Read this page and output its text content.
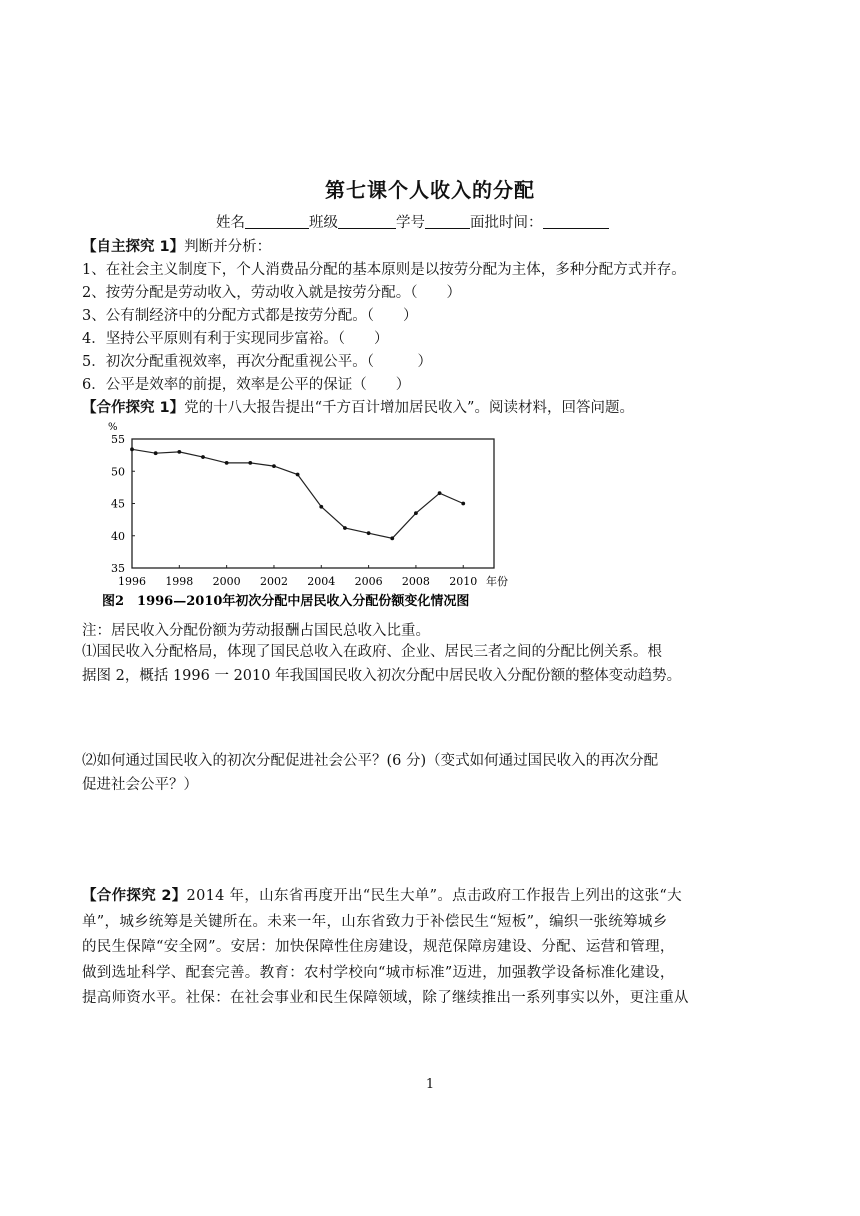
第七课个人收入的分配
姓名	班级	学号	面批时间：
【自主探究 1】判断并分析：
1、在社会主义制度下，个人消费品分配的基本原则是以按劳分配为主体，多种分配方式并存。
2、按劳分配是劳动收入，劳动收入就是按劳分配。（　　）
3、公有制经济中的分配方式都是按劳分配。（　　）
4．坚持公平原则有利于实现同步富裕。（　　）
5．初次分配重视效率，再次分配重视公平。（　　　）
6．公平是效率的前提，效率是公平的保证（　　）
【合作探究 1】党的十八大报告提出“千方百计增加居民收入”。阅读材料，回答问题。
35
40
45
50
55
1996 1998 2000 2002 2004 2006 2008 2010 年份
%
图2　1996—2010年初次分配中居民收入分配份额变化情况图
注：居民收入分配份额为劳动报酬占国民总收入比重。
⑴国民收入分配格局，体现了国民总收入在政府、企业、居民三者之间的分配比例关系。根
据图 2，概括 1996 一 2010 年我国国民收入初次分配中居民收入分配份额的整体变动趋势。
⑵如何通过国民收入的初次分配促进社会公平？(6 分)（变式如何通过国民收入的再次分配
促进社会公平？）
【合作探究 2】2014 年，山东省再度开出“民生大单”。点击政府工作报告上列出的这张“大
单”，城乡统筹是关键所在。未来一年，山东省致力于补偿民生“短板”，编织一张统筹城乡
的民生保障“安全网”。安居：加快保障性住房建设，规范保障房建设、分配、运营和管理，
做到选址科学、配套完善。教育：农村学校向“城市标准”迈进，加强教学设备标准化建设，
提高师资水平。社保：在社会事业和民生保障领域，除了继续推出一系列事实以外，更注重从
1
